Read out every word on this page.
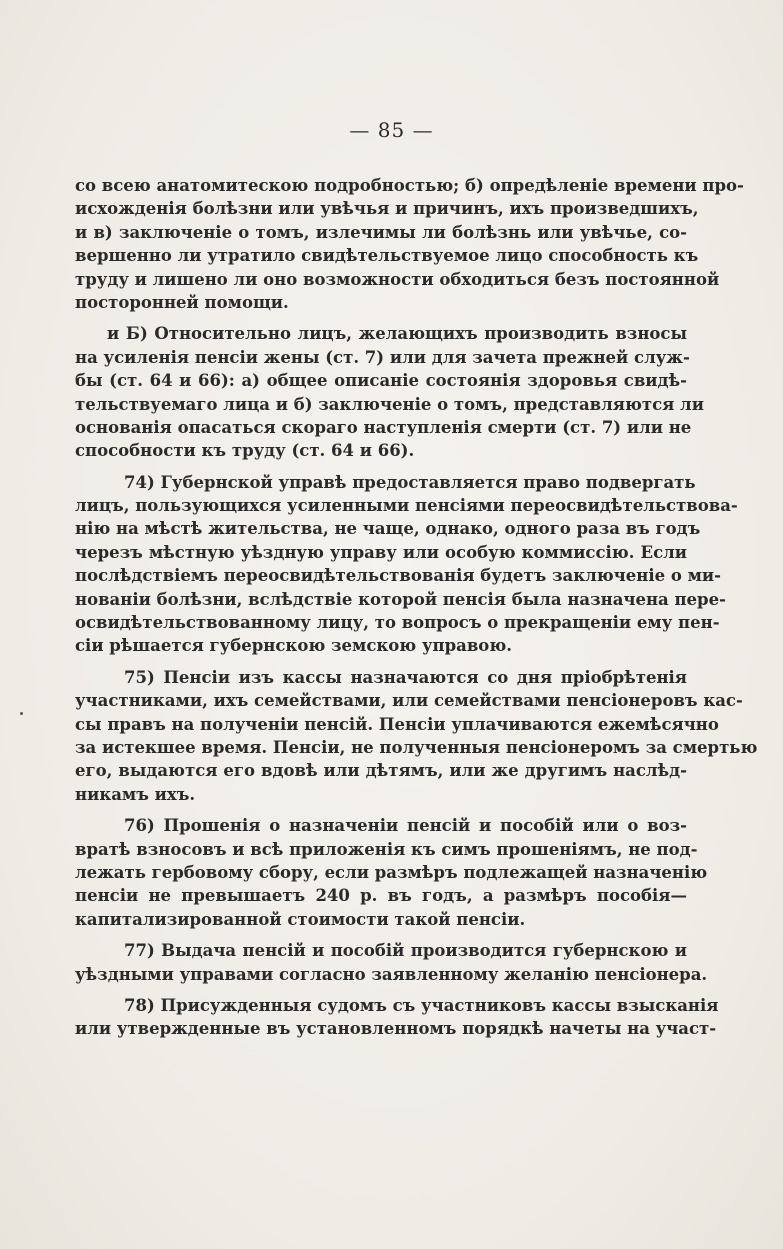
— 85 —
со всею анатомитескою подробностью; б) опредѣленіе времени про-
исхожденія болѣзни или увѣчья и причинъ, ихъ произведшихъ,
и в) заключеніе о томъ, излечимы ли болѣзнь или увѣчье, со-
вершенно ли утратило свидѣтельствуемое лицо способность къ
труду и лишено ли оно возможности обходиться безъ постоянной
посторонней помощи.
и Б) Относительно лицъ, желающихъ производить взносы
на усиленія пенсіи жены (ст. 7) или для зачета прежней служ-
бы (ст. 64 и 66): а) общее описаніе состоянія здоровья свидѣ-
тельствуемаго лица и б) заключеніе о томъ, представляются ли
основанія опасаться скораго наступленія смерти (ст. 7) или не
способности къ труду (ст. 64 и 66).
74) Губернской управѣ предоставляется право подвергать
лицъ, пользующихся усиленными пенсіями переосвидѣтельствова-
нію на мѣстѣ жительства, не чаще, однако, одного раза въ годъ
черезъ мѣстную уѣздную управу или особую коммиссію. Если
послѣдствіемъ переосвидѣтельствованія будетъ заключеніе о ми-
нованіи болѣзни, вслѣдствіе которой пенсія была назначена пере-
освидѣтельствованному лицу, то вопросъ о прекращеніи ему пен-
сіи рѣшается губернскою земскою управою.
75) Пенсіи изъ кассы назначаются со дня пріобрѣтенія
участниками, ихъ семействами, или семействами пенсіонеровъ кас-
сы правъ на полученіи пенсій. Пенсіи уплачиваются ежемѣсячно
за истекшее время. Пенсіи, не полученныя пенсіонеромъ за смертью
его, выдаются его вдовѣ или дѣтямъ, или же другимъ наслѣд-
никамъ ихъ.
76) Прошенія о назначеніи пенсій и пособій или о воз-
вратѣ взносовъ и всѣ приложенія къ симъ прошеніямъ, не под-
лежать гербовому сбору, если размѣръ подлежащей назначенію
пенсіи не превышаетъ 240 р. въ годъ, а размѣръ пособія—
капитализированной стоимости такой пенсіи.
77) Выдача пенсій и пособій производится губернскою и
уѣздными управами согласно заявленному желанію пенсіонера.
78) Присужденныя судомъ съ участниковъ кассы взысканія
или утвержденные въ установленномъ порядкѣ начеты на участ-
